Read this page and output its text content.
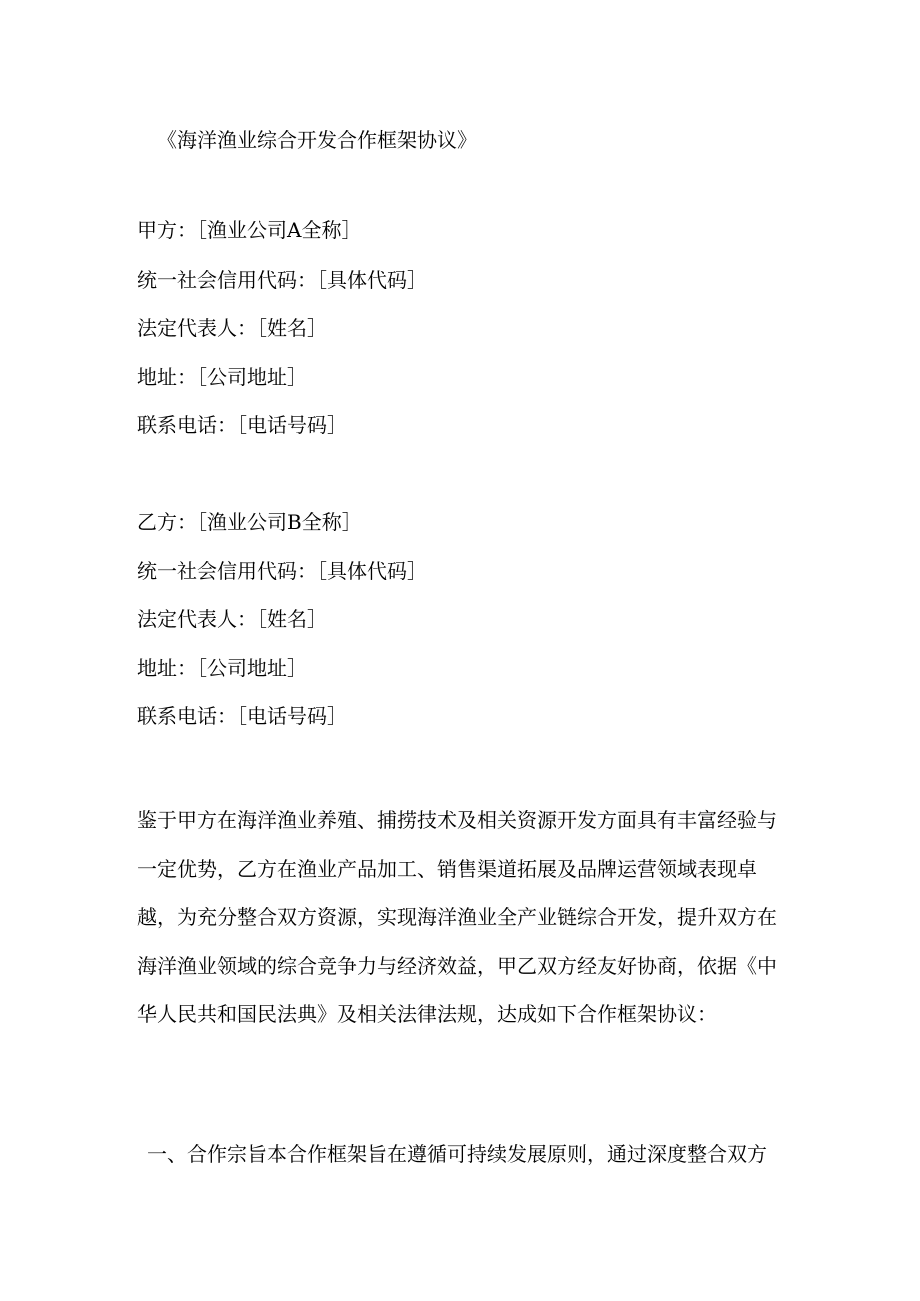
《海洋渔业综合开发合作框架协议》
甲方：［渔业公司A全称］
统一社会信用代码：［具体代码］
法定代表人：［姓名］
地址：［公司地址］
联系电话：［电话号码］
乙方：［渔业公司B全称］
统一社会信用代码：［具体代码］
法定代表人：［姓名］
地址：［公司地址］
联系电话：［电话号码］
鉴于甲方在海洋渔业养殖、捕捞技术及相关资源开发方面具有丰富经验与一定优势，乙方在渔业产品加工、销售渠道拓展及品牌运营领域表现卓越，为充分整合双方资源，实现海洋渔业全产业链综合开发，提升双方在海洋渔业领域的综合竞争力与经济效益，甲乙双方经友好协商，依据《中华人民共和国民法典》及相关法律法规，达成如下合作框架协议：
一、合作宗旨本合作框架旨在遵循可持续发展原则，通过深度整合双方
